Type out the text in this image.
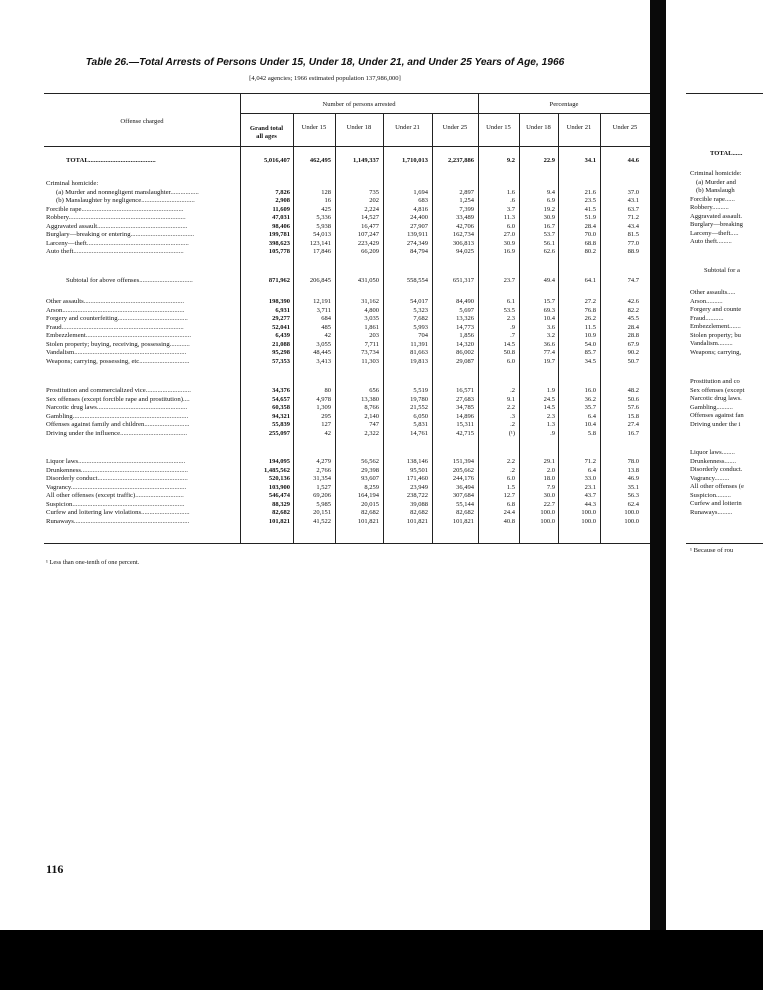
Table 26.—Total Arrests of Persons Under 15, Under 18, Under 21, and Under 25 Years of Age, 1966
[4,042 agencies; 1966 estimated population 137,986,000]
Offense charged
Number of persons arrested	Percentage
Grand total
all ages
Under 15	Under 18	Under 21	Under 25	Under 15	Under 18	Under 21	Under 25
TOTAL........................................	5,016,407	462,495	1,149,337	1,710,013	2,237,886	9.2	22.9	34.1	44.6
Criminal homicide:
(a) Murder and nonnegligent manslaughter.................	7,826	128	735	1,694	2,897	1.6	9.4	21.6	37.0
(b) Manslaughter by negligence................................	2,908	16	202	683	1,254	.6	6.9	23.5	43.1
Forcible rape.............................................................	11,609	425	2,224	4,816	7,399	3.7	19.2	41.5	63.7
Robbery......................................................................	47,031	5,336	14,527	24,400	33,489	11.3	30.9	51.9	71.2
Aggravated assault......................................................	98,406	5,938	16,477	27,907	42,706	6.0	16.7	28.4	43.4
Burglary—breaking or entering......................................	199,781	54,013	107,247	139,911	162,734	27.0	53.7	70.0	81.5
Larceny—theft.............................................................	398,623	123,141	223,429	274,349	306,813	30.9	56.1	68.8	77.0
Auto theft..................................................................	105,778	17,846	66,209	84,794	94,025	16.9	62.6	80.2	88.9
Subtotal for above offenses................................	871,962	206,845	431,050	558,554	651,317	23.7	49.4	64.1	74.7
Other assaults............................................................	198,390	12,191	31,162	54,017	84,490	6.1	15.7	27.2	42.6
Arson.........................................................................	6,931	3,711	4,800	5,323	5,697	53.5	69.3	76.8	82.2
Forgery and counterfeiting..........................................	29,277	684	3,035	7,682	13,326	2.3	10.4	26.2	45.5
Fraud.........................................................................	52,041	485	1,861	5,993	14,773	.9	3.6	11.5	28.4
Embezzlement...............................................................	6,439	42	203	704	1,856	.7	3.2	10.9	28.8
Stolen property; buying, receiving, possessing............	21,088	3,055	7,711	11,391	14,320	14.5	36.6	54.0	67.9
Vandalism...................................................................	95,298	48,445	73,734	81,663	86,002	50.8	77.4	85.7	90.2
Weapons; carrying, possessing, etc..............................	57,353	3,413	11,303	19,813	29,087	6.0	19.7	34.5	50.7
Prostitution and commercialized vice...........................	34,376	80	656	5,519	16,571	.2	1.9	16.0	48.2
Sex offenses (except forcible rape and prostitution)....	54,657	4,978	13,380	19,780	27,683	9.1	24.5	36.2	50.6
Narcotic drug laws......................................................	60,358	1,309	8,766	21,552	34,785	2.2	14.5	35.7	57.6
Gambling.....................................................................	94,321	295	2,140	6,050	14,896	.3	2.3	6.4	15.8
Offenses against family and children...........................	55,839	127	747	5,831	15,311	.2	1.3	10.4	27.4
Driving under the influence........................................	255,097	42	2,322	14,761	42,715	(¹)	.9	5.8	16.7
Liquor laws................................................................	194,095	4,279	56,562	138,146	151,394	2.2	29.1	71.2	78.0
Drunkenness................................................................	1,485,562	2,766	29,398	95,501	205,662	.2	2.0	6.4	13.8
Disorderly conduct......................................................	520,136	31,354	93,607	171,460	244,176	6.0	18.0	33.0	46.9
Vagrancy.....................................................................	103,900	1,527	8,259	23,949	36,494	1.5	7.9	23.1	35.1
All other offenses (except traffic).............................	546,474	69,206	164,194	238,722	307,684	12.7	30.0	43.7	56.3
Suspicion...................................................................	88,329	5,985	20,015	39,088	55,144	6.8	22.7	44.3	62.4
Curfew and loitering law violations.............................	82,682	20,151	82,682	82,682	82,682	24.4	100.0	100.0	100.0
Runaways.....................................................................	101,821	41,522	101,821	101,821	101,821	40.8	100.0	100.0	100.0
¹ Less than one-tenth of one percent.
116
TOTAL......
Criminal homicide:
(a) Murder and
(b) Manslaugh
Forcible rape......
Robbery..........
Aggravated assault.
Burglary—breaking
Larceny—theft.....
Auto theft.........
Subtotal for a
Other assaults.....
Arson..........
Forgery and counte
Fraud...........
Embezzlement.......
Stolen property; bu
Vandalism.........
Weapons; carrying,
Prostitution and co
Sex offenses (except
Narcotic drug laws.
Gambling..........
Offenses against fan
Driving under the i
Liquor laws........
Drunkenness.......
Disorderly conduct.
Vagrancy.........
All other offenses (e
Suspicion.........
Curfew and loiterin
Runaways.........
¹ Because of rou
